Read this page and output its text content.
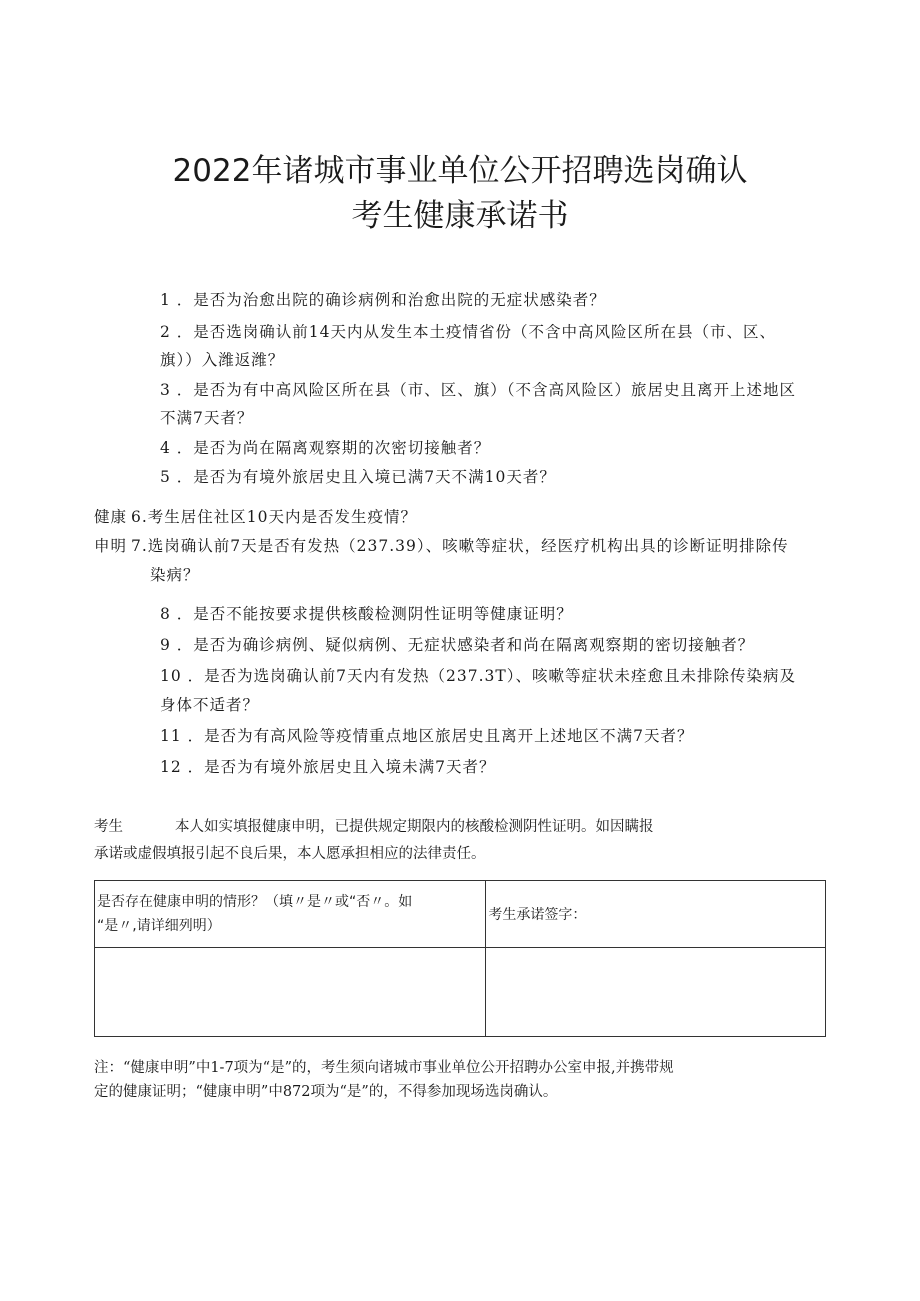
2022年诸城市事业单位公开招聘选岗确认
考生健康承诺书
1 ．是否为治愈出院的确诊病例和治愈出院的无症状感染者？
2 ．是否选岗确认前14天内从发生本土疫情省份（不含中高风险区所在县（市、区、
旗））入潍返潍？
3 ．是否为有中高风险区所在县（市、区、旗）（不含高风险区）旅居史且离开上述地区
不满7天者？
4 ．是否为尚在隔离观察期的次密切接触者？
5 ．是否为有境外旅居史且入境已满7天不满10天者？
健康 6.考生居住社区10天内是否发生疫情？
申明 7.选岗确认前7天是否有发热（237.39）、咳嗽等症状，经医疗机构出具的诊断证明排除传
染病？
8 ．是否不能按要求提供核酸检测阴性证明等健康证明？
9 ．是否为确诊病例、疑似病例、无症状感染者和尚在隔离观察期的密切接触者？
10 ．是否为选岗确认前7天内有发热（237.3T）、咳嗽等症状未痊愈且未排除传染病及
身体不适者？
11 ．是否为有高风险等疫情重点地区旅居史且离开上述地区不满7天者？
12 ．是否为有境外旅居史且入境未满7天者？
考生	本人如实填报健康申明，已提供规定期限内的核酸检测阴性证明。如因瞒报
承诺或虚假填报引起不良后果，本人愿承担相应的法律责任。
是否存在健康申明的情形？（填〃是〃或“否〃。如
“是〃,请详细列明）	考生承诺签字：

注：“健康申明”中1-7项为“是”的，考生须向诸城市事业单位公开招聘办公室申报,并携带规
定的健康证明；“健康申明”中872项为“是”的，不得参加现场选岗确认。
